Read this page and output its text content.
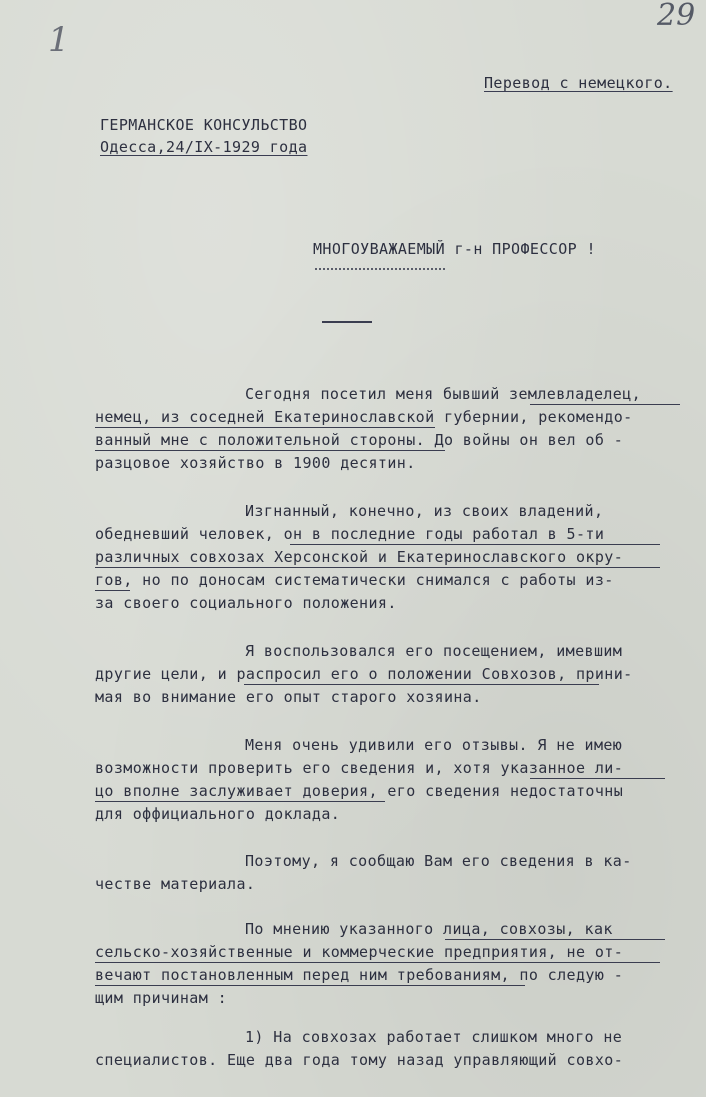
29
1
Перевод с немецкого.
ГЕРМАНСКОЕ КОНСУЛЬСТВО
Одесса,24/IX-1929 года
МНОГОУВАЖАЕМЫЙ г-н ПРОФЕССОР !
Сегодня посетил меня бывший землевладелец,
немец, из соседней Екатеринославской губернии, рекомендо-
ванный мне с положительной стороны. До войны он вел об -
разцовое хозяйство в 1900 десятин.
Изгнанный, конечно, из своих владений,
обедневший человек, он в последние годы работал в 5-ти
различных совхозах Херсонской и Екатеринославского окру-
гов, но по доносам систематически снимался с работы из-
за своего социального положения.
Я воспользовался его посещением, имевшим
другие цели, и распросил его о положении Совхозов, прини-
мая во внимание его опыт старого хозяина.
Меня очень удивили его отзывы. Я не имею
возможности проверить его сведения и, хотя указанное ли-
цо вполне заслуживает доверия, его сведения недостаточны
для оффициального доклада.
Поэтому, я сообщаю Вам его сведения в ка-
честве материала.
По мнению указанного лица, совхозы, как
сельско-хозяйственные и коммерческие предприятия, не от-
вечают постановленным перед ним требованиям, по следую -
щим причинам :
1) На совхозах работает слишком много не
специалистов. Еще два года тому назад управляющий совхо-
